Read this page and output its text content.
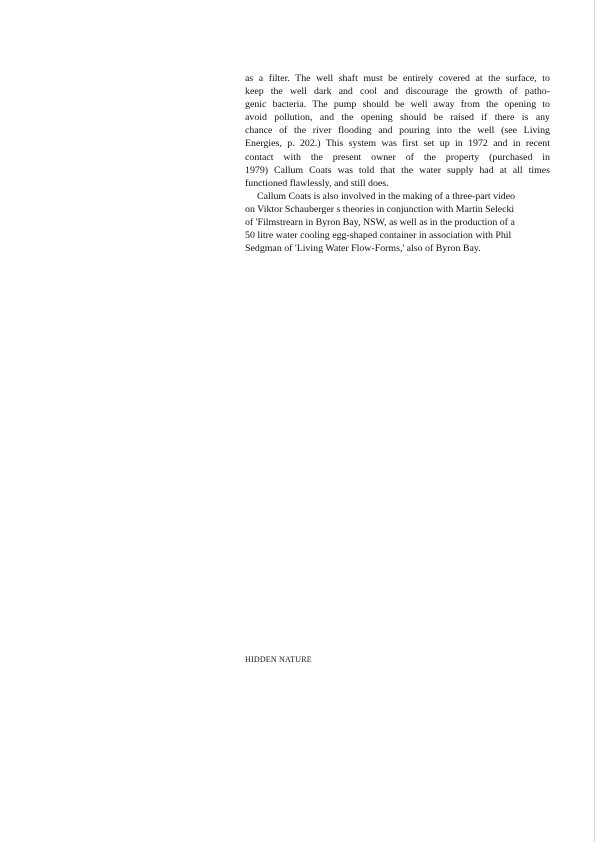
as a filter. The well shaft must be entirely covered at the surface, to
keep the well dark and cool and discourage the growth of patho-
genic bacteria. The pump should be well away from the opening to
avoid pollution, and the opening should be raised if there is any
chance of the river flooding and pouring into the well (see Living
Energies, p. 202.) This system was first set up in 1972 and in recent
contact with the present owner of the property (purchased in
1979) Callum Coats was told that the water supply had at all times
functioned flawlessly, and still does.
Callum Coats is also involved in the making of a three-part video
on Viktor Schauberger s theories in conjunction with Martin Selecki
of 'Filmstrearn in Byron Bay, NSW, as well as in the production of a
50 litre water cooling egg-shaped container in association with Phil
Sedgman of 'Living Water Flow-Forms,' also of Byron Bay.
HIDDEN NATURE
